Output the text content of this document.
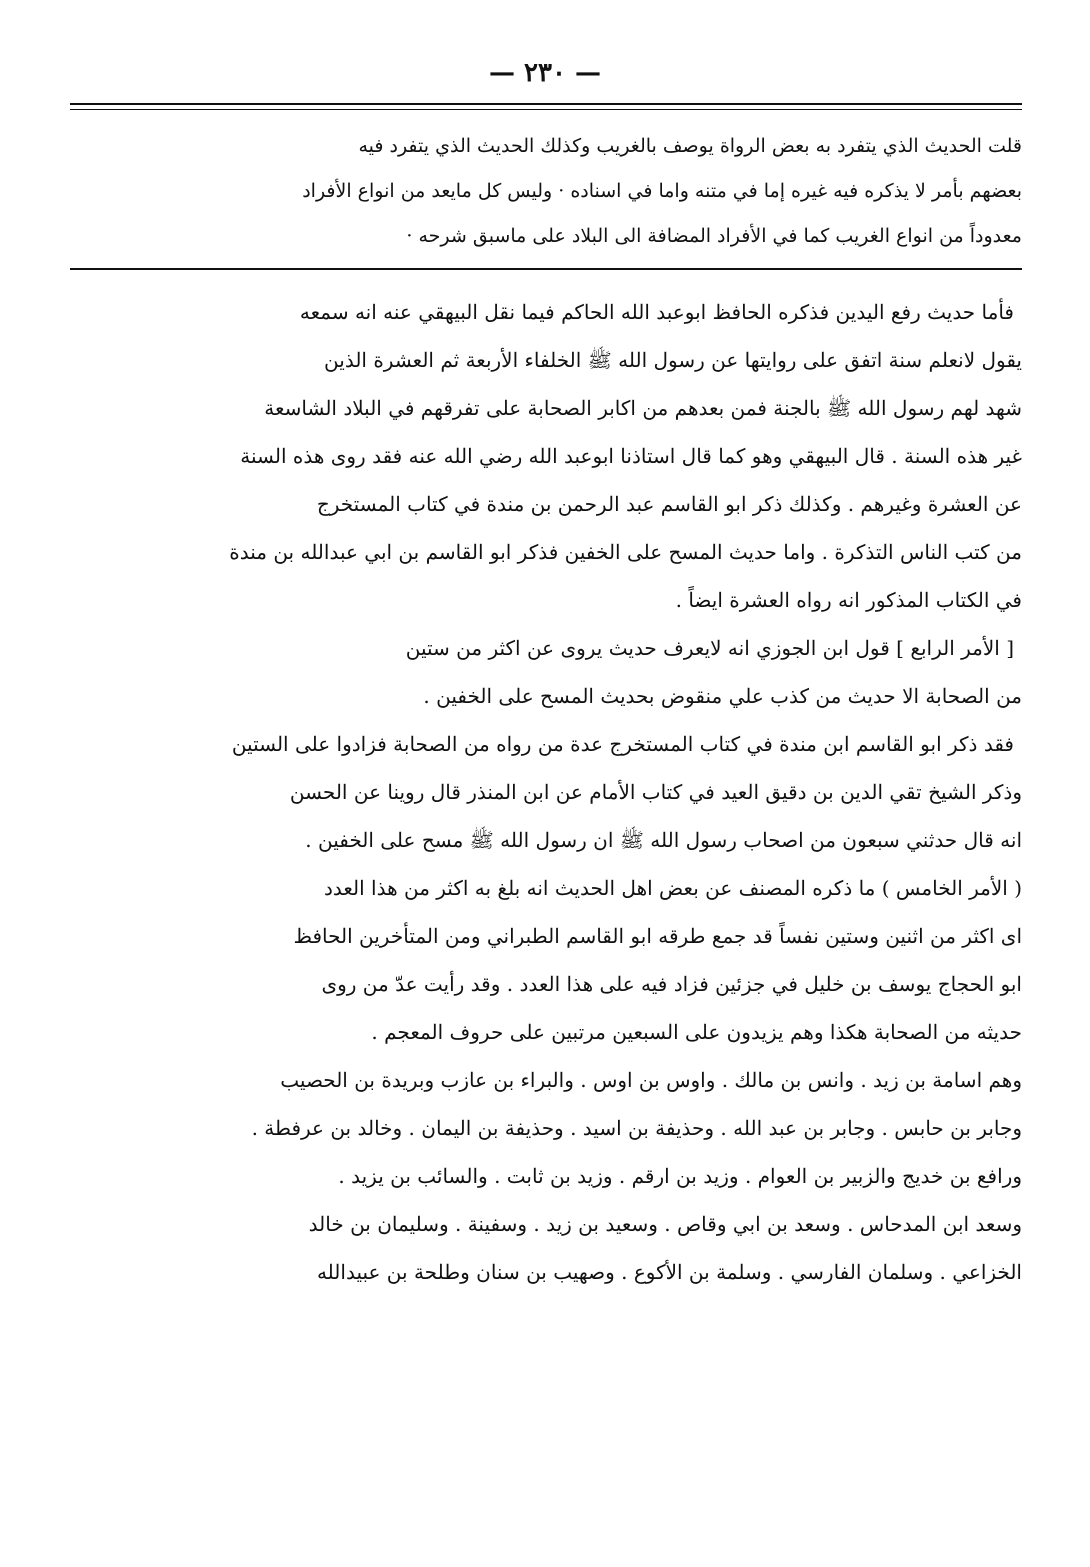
— ٢٣٠ —
قلت الحديث الذي يتفرد به بعض الرواة يوصف بالغريب وكذلك الحديث الذي يتفرد فيه
بعضهم بأمر لا يذكره فيه غيره إما في متنه واما في اسناده · وليس كل مايعد من انواع الأفراد
معدوداً من انواع الغريب كما في الأفراد المضافة الى البلاد على ماسبق شرحه ·
فأما حديث رفع اليدين فذكره الحافظ ابوعبد الله الحاكم فيما نقل البيهقي عنه انه سمعه
يقول لانعلم سنة اتفق على روايتها عن رسول الله ﷺ الخلفاء الأربعة ثم العشرة الذين
شهد لهم رسول الله ﷺ بالجنة فمن بعدهم من اكابر الصحابة على تفرقهم في البلاد الشاسعة
غير هذه السنة . قال البيهقي وهو كما قال استاذنا ابوعبد الله رضي الله عنه فقد روى هذه السنة
عن العشرة وغيرهم . وكذلك ذكر ابو القاسم عبد الرحمن بن مندة في كتاب المستخرج
من كتب الناس التذكرة . واما حديث المسح على الخفين فذكر ابو القاسم بن ابي عبدالله بن مندة
في الكتاب المذكور انه رواه العشرة ايضاً .
[ الأمر الرابع ] قول ابن الجوزي انه لايعرف حديث يروى عن اكثر من ستين
من الصحابة الا حديث من كذب علي منقوض بحديث المسح على الخفين .
فقد ذكر ابو القاسم ابن مندة في كتاب المستخرج عدة من رواه من الصحابة فزادوا على الستين
وذكر الشيخ تقي الدين بن دقيق العيد في كتاب الأمام عن ابن المنذر قال روينا عن الحسن
انه قال حدثني سبعون من اصحاب رسول الله ﷺ ان رسول الله ﷺ مسح على الخفين .
( الأمر الخامس ) ما ذكره المصنف عن بعض اهل الحديث انه بلغ به اكثر من هذا العدد
اى اكثر من اثنين وستين نفساً قد جمع طرقه ابو القاسم الطبراني ومن المتأخرين الحافظ
ابو الحجاج يوسف بن خليل في جزئين فزاد فيه على هذا العدد . وقد رأيت عدّ من روى
حديثه من الصحابة هكذا وهم يزيدون على السبعين مرتبين على حروف المعجم .
وهم اسامة بن زيد . وانس بن مالك . واوس بن اوس . والبراء بن عازب وبريدة بن الحصيب
وجابر بن حابس . وجابر بن عبد الله . وحذيفة بن اسيد . وحذيفة بن اليمان . وخالد بن عرفطة .
ورافع بن خديج والزبير بن العوام . وزيد بن ارقم . وزيد بن ثابت . والسائب بن يزيد .
وسعد ابن المدحاس . وسعد بن ابي وقاص . وسعيد بن زيد . وسفينة . وسليمان بن خالد
الخزاعي . وسلمان الفارسي . وسلمة بن الأكوع . وصهيب بن سنان وطلحة بن عبيدالله
